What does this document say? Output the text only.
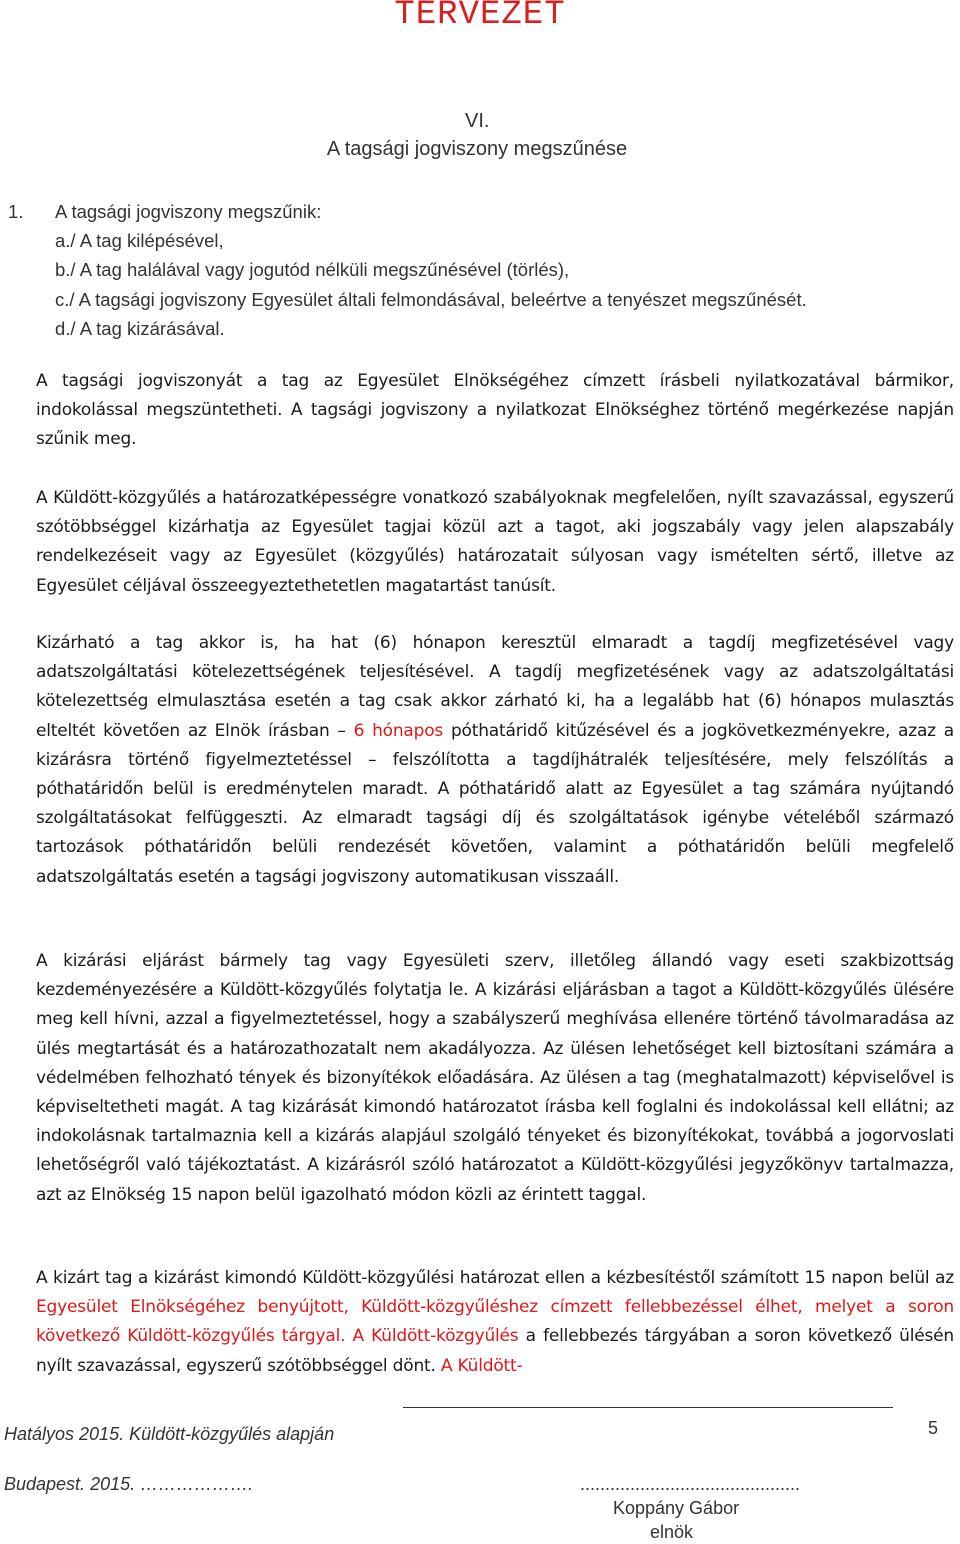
TERVEZET
VI.
A tagsági jogviszony megszűnése
1. A tagsági jogviszony megszűnik:
a./ A tag kilépésével,
b./ A tag halálával vagy jogutód nélküli megszűnésével (törlés),
c./ A tagsági jogviszony Egyesület általi felmondásával, beleértve a tenyészet megszűnését.
d./ A tag kizárásával.
A tagsági jogviszonyát a tag az Egyesület Elnökségéhez címzett írásbeli nyilatkozatával bármikor, indokolással megszüntetheti. A tagsági jogviszony a nyilatkozat Elnökséghez történő megérkezése napján szűnik meg.
A Küldött-közgyűlés a határozatképességre vonatkozó szabályoknak megfelelően, nyílt szavazással, egyszerű szótöbbséggel kizárhatja az Egyesület tagjai közül azt a tagot, aki jogszabály vagy jelen alapszabály rendelkezéseit vagy az Egyesület (közgyűlés) határozatait súlyosan vagy ismételten sértő, illetve az Egyesület céljával összeegyeztethetetlen magatartást tanúsít.
Kizárható a tag akkor is, ha hat (6) hónapon keresztül elmaradt a tagdíj megfizetésével vagy adatszolgáltatási kötelezettségének teljesítésével. A tagdíj megfizetésének vagy az adatszolgáltatási kötelezettség elmulasztása esetén a tag csak akkor zárható ki, ha a legalább hat (6) hónapos mulasztás elteltét követően az Elnök írásban – 6 hónapos póthatáridő kitűzésével és a jogkövetkezményekre, azaz a kizárásra történő figyelmeztetéssel – felszólította a tagdíjhátralék teljesítésére, mely felszólítás a póthatáridőn belül is eredménytelen maradt. A póthatáridő alatt az Egyesület a tag számára nyújtandó szolgáltatásokat felfüggeszti. Az elmaradt tagsági díj és szolgáltatások igénybe vételéből származó tartozások póthatáridőn belüli rendezését követően, valamint a póthatáridőn belüli megfelelő adatszolgáltatás esetén a tagsági jogviszony automatikusan visszaáll.
A kizárási eljárást bármely tag vagy Egyesületi szerv, illetőleg állandó vagy eseti szakbizottság kezdeményezésére a Küldött-közgyűlés folytatja le. A kizárási eljárásban a tagot a Küldött-közgyűlés ülésére meg kell hívni, azzal a figyelmeztetéssel, hogy a szabályszerű meghívása ellenére történő távolmaradása az ülés megtartását és a határozathozatalt nem akadályozza. Az ülésen lehetőséget kell biztosítani számára a védelmében felhozható tények és bizonyítékok előadására. Az ülésen a tag (meghatalmazott) képviselővel is képviseltetheti magát. A tag kizárását kimondó határozatot írásba kell foglalni és indokolással kell ellátni; az indokolásnak tartalmaznia kell a kizárás alapjául szolgáló tényeket és bizonyítékokat, továbbá a jogorvoslati lehetőségről való tájékoztatást. A kizárásról szóló határozatot a Küldött-közgyűlési jegyzőkönyv tartalmazza, azt az Elnökség 15 napon belül igazolható módon közli az érintett taggal.
A kizárt tag a kizárást kimondó Küldött-közgyűlési határozat ellen a kézbesítéstől számított 15 napon belül az Egyesület Elnökségéhez benyújtott, Küldött-közgyűléshez címzett fellebbezéssel élhet, melyet a soron következő Küldött-közgyűlés tárgyal. A Küldött-közgyűlés a fellebbezés tárgyában a soron következő ülésén nyílt szavazással, egyszerű szótöbbséggel dönt. A Küldött-
Hatályos 2015. Küldött-közgyűlés alapján	5
Budapest. 2015. ……………….	............................................
Koppány Gábor
elnök
